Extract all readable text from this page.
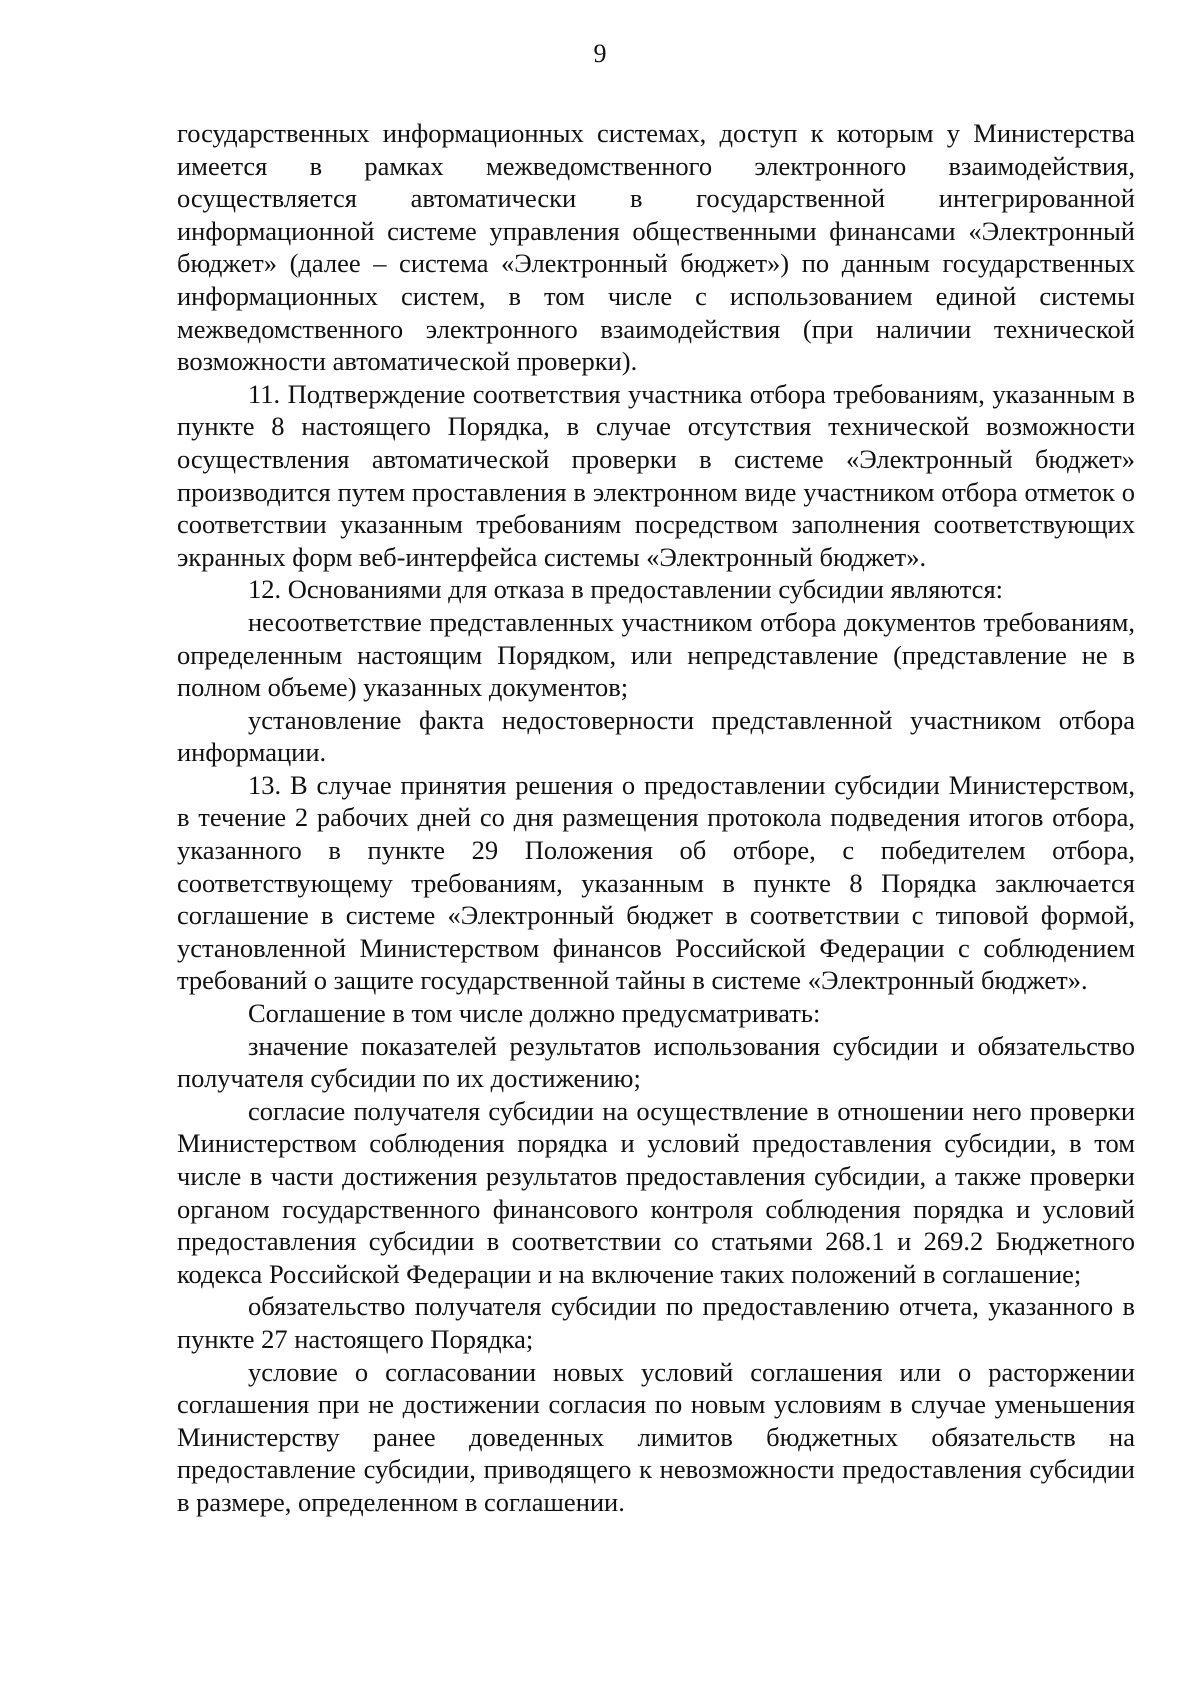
9

государственных информационных системах, доступ к которым у Министерства имеется в рамках межведомственного электронного взаимодействия, осуществляется автоматически в государственной интегрированной информационной системе управления общественными финансами «Электронный бюджет» (далее – система «Электронный бюджет») по данным государственных информационных систем, в том числе с использованием единой системы межведомственного электронного взаимодействия (при наличии технической возможности автоматической проверки).

11. Подтверждение соответствия участника отбора требованиям, указанным в пункте 8 настоящего Порядка, в случае отсутствия технической возможности осуществления автоматической проверки в системе «Электронный бюджет» производится путем проставления в электронном виде участником отбора отметок о соответствии указанным требованиям посредством заполнения соответствующих экранных форм веб-интерфейса системы «Электронный бюджет».

12. Основаниями для отказа в предоставлении субсидии являются:

несоответствие представленных участником отбора документов требованиям, определенным настоящим Порядком, или непредставление (представление не в полном объеме) указанных документов;

установление факта недостоверности представленной участником отбора информации.

13. В случае принятия решения о предоставлении субсидии Министерством, в течение 2 рабочих дней со дня размещения протокола подведения итогов отбора, указанного в пункте 29 Положения об отборе, с победителем отбора, соответствующему требованиям, указанным в пункте 8 Порядка заключается соглашение в системе «Электронный бюджет в соответствии с типовой формой, установленной Министерством финансов Российской Федерации с соблюдением требований о защите государственной тайны в системе «Электронный бюджет».

Соглашение в том числе должно предусматривать:

значение показателей результатов использования субсидии и обязательство получателя субсидии по их достижению;

согласие получателя субсидии на осуществление в отношении него проверки Министерством соблюдения порядка и условий предоставления субсидии, в том числе в части достижения результатов предоставления субсидии, а также проверки органом государственного финансового контроля соблюдения порядка и условий предоставления субсидии в соответствии со статьями 268.1 и 269.2 Бюджетного кодекса Российской Федерации и на включение таких положений в соглашение;

обязательство получателя субсидии по предоставлению отчета, указанного в пункте 27 настоящего Порядка;

условие о согласовании новых условий соглашения или о расторжении соглашения при не достижении согласия по новым условиям в случае уменьшения Министерству ранее доведенных лимитов бюджетных обязательств на предоставление субсидии, приводящего к невозможности предоставления субсидии в размере, определенном в соглашении.
